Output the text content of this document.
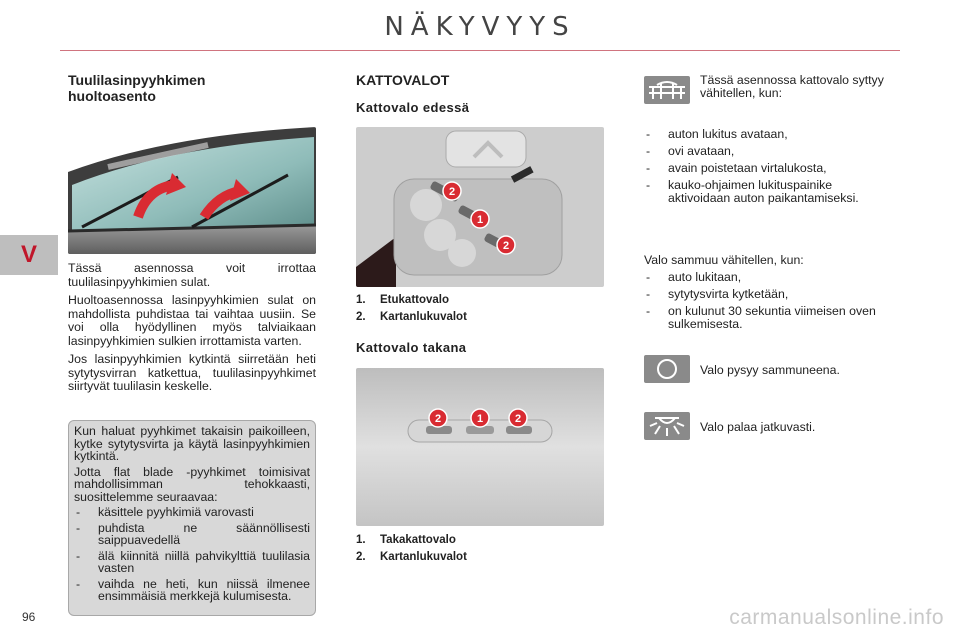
NÄKYVYYS
V
96
Tuulilasinpyyhkimen huoltoasento

Tässä asennossa voit irrottaa tuulilasinpyyhkimien sulat.

Huoltoasennossa lasinpyyhkimien sulat on mahdollista puhdistaa tai vaihtaa uusiin. Se voi olla hyödyllinen myös talviaikaan lasinpyyhkimien sulkien irrottamista varten.

Jos lasinpyyhkimien kytkintä siirretään heti sytytysvirran katkettua, tuulilasinpyyhkimet siirtyvät tuulilasin keskelle.

Kun haluat pyyhkimet takaisin paikoilleen, kytke sytytysvirta ja käytä lasinpyyhkimien kytkintä.

Jotta flat blade -pyyhkimet toimisivat mahdollisimman tehokkaasti, suosittelemme seuraavaa:

- käsittele pyyhkimiä varovasti
- puhdista ne säännöllisesti saippuavedellä
- älä kiinnitä niillä pahvikylttiä tuulilasia vasten
- vaihda ne heti, kun niissä ilmenee ensimmäisiä merkkejä kulumisesta.
KATTOVALOT
Kattovalo edessä
2
1
2
1.	Etukattovalo
2.	Kartanlukuvalot
Kattovalo takana
2	1	2
1.	Takakattovalo
2.	Kartanlukuvalot
Tässä asennossa kattovalo syttyy vähitellen, kun:
- auton lukitus avataan,
- ovi avataan,
- avain poistetaan virtalukosta,
- kauko-ohjaimen lukituspainike aktivoidaan auton paikantamiseksi.

Valo sammuu vähitellen, kun:

- auto lukitaan,
- sytytysvirta kytketään,
- on kulunut 30 sekuntia viimeisen oven sulkemisesta.
Valo pysyy sammuneena.
Valo palaa jatkuvasti.
carmanualsonline.info
